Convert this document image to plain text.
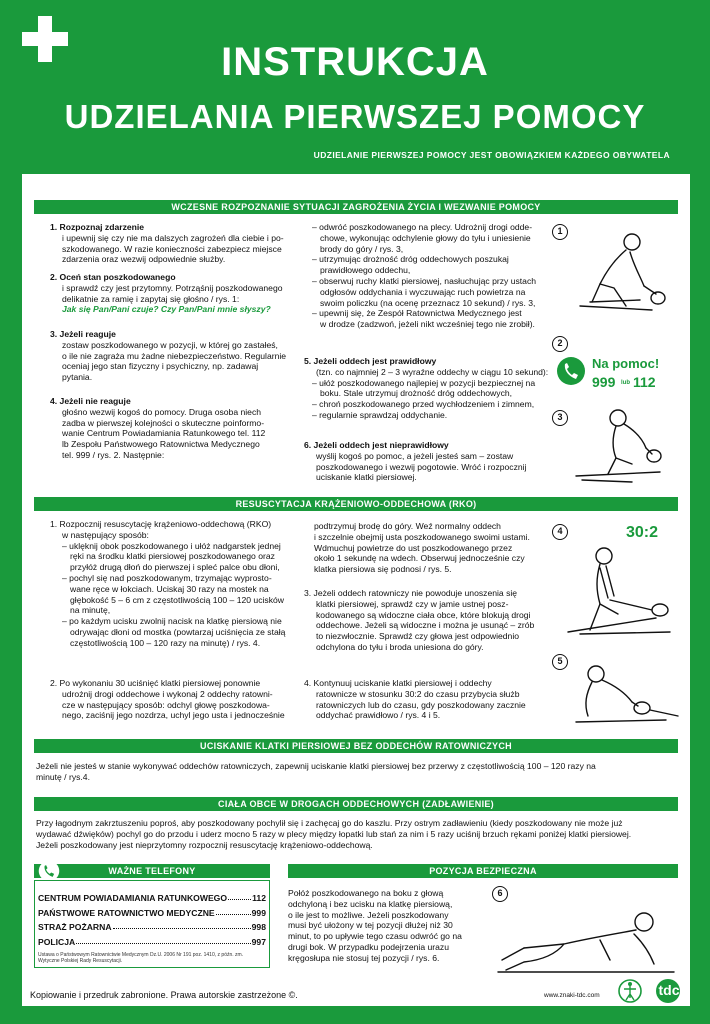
INSTRUKCJA
UDZIELANIA PIERWSZEJ POMOCY
UDZIELANIE PIERWSZEJ POMOCY JEST OBOWIĄZKIEM KAŻDEGO OBYWATELA
WCZESNE ROZPOZNANIE SYTUACJI ZAGROŻENIA ŻYCIA I WEZWANIE POMOCY
1. Rozpoznaj zdarzenie
i upewnij się czy nie ma dalszych zagrożeń dla ciebie i po-
szkodowanego. W razie konieczności zabezpiecz miejsce
zdarzenia oraz wezwij odpowiednie służby.
2. Oceń stan poszkodowanego
i sprawdź czy jest przytomny. Potrząśnij poszkodowanego
delikatnie za ramię i zapytaj się głośno / rys. 1:
Jak się Pan/Pani czuje? Czy Pan/Pani mnie słyszy?
3. Jeżeli reaguje
zostaw poszkodowanego w pozycji, w której go zastałeś,
o ile nie zagraża mu żadne niebezpieczeństwo. Regularnie
oceniaj jego stan fizyczny i psychiczny, np. zadawaj
pytania.
4. Jeżeli nie reaguje
głośno wezwij kogoś do pomocy. Druga osoba niech
zadba w pierwszej kolejności o skuteczne poinformo-
wanie Centrum Powiadamiania Ratunkowego tel. 112
lb Zespołu Państwowego Ratownictwa Medycznego
tel. 999 / rys. 2. Następnie:
– odwróć poszkodowanego na plecy. Udrożnij drogi odde-
chowe, wykonując odchylenie głowy do tyłu i uniesienie
brody do góry / rys. 3,
– utrzymując drożność dróg oddechowych poszukaj
prawidłowego oddechu,
– obserwuj ruchy klatki piersiowej, nasłuchując przy ustach
odgłosów oddychania i wyczuwając ruch powietrza na
swoim policzku (na ocenę przeznacz 10 sekund) / rys. 3,
– upewnij się, że Zespół Ratownictwa Medycznego jest
w drodze (zadzwoń, jeżeli nikt wcześniej tego nie zrobił).
5. Jeżeli oddech jest prawidłowy
(tzn. co najmniej 2 – 3 wyraźne oddechy w ciągu 10 sekund):
– ułóż poszkodowanego najlepiej w pozycji bezpiecznej na
boku. Stale utrzymuj drożność dróg oddechowych,
– chroń poszkodowanego przed wychłodzeniem i zimnem,
– regularnie sprawdzaj oddychanie.
6. Jeżeli oddech jest nieprawidłowy
wyślij kogoś po pomoc, a jeżeli jesteś sam – zostaw
poszkodowanego i wezwij pogotowie. Wróć i rozpocznij
uciskanie klatki piersiowej.
1
2
Na pomoc!
999 lub 112
3
RESUSCYTACJA KRĄŻENIOWO-ODDECHOWA (RKO)
1. Rozpocznij resuscytację krążeniowo-oddechową (RKO)
w następujący sposób:
– uklęknij obok poszkodowanego i ułóż nadgarstek jednej
ręki na środku klatki piersiowej poszkodowanego oraz
przyłóż drugą dłoń do pierwszej i spleć palce obu dłoni,
– pochyl się nad poszkodowanym, trzymając wyprosto-
wane ręce w łokciach. Uciskaj 30 razy na mostek na
głębokość 5 – 6 cm z częstotliwością 100 – 120 ucisków
na minutę,
– po każdym ucisku zwolnij nacisk na klatkę piersiową nie
odrywając dłoni od mostka (powtarzaj uciśnięcia ze stałą
częstotliwością 100 – 120 razy na minutę) / rys. 4.
2. Po wykonaniu 30 uciśnięć klatki piersiowej ponownie
udrożnij drogi oddechowe i wykonaj 2 oddechy ratowni-
cze w następujący sposób: odchyl głowę poszkodowa-
nego, zaciśnij jego nozdrza, uchyl jego usta i jednocześnie
podtrzymuj brodę do góry. Weź normalny oddech
i szczelnie obejmij usta poszkodowanego swoimi ustami.
Wdmuchuj powietrze do ust poszkodowanego przez
około 1 sekundę na wdech. Obserwuj jednocześnie czy
klatka piersiowa się podnosi / rys. 5.
3. Jeżeli oddech ratowniczy nie powoduje unoszenia się
klatki piersiowej, sprawdź czy w jamie ustnej posz-
kodowanego są widoczne ciała obce, które blokują drogi
oddechowe. Jeżeli są widoczne i można je usunąć – zrób
to niezwłocznie. Sprawdź czy głowa jest odpowiednio
odchylona do tyłu i broda uniesiona do góry.
4. Kontynuuj uciskanie klatki piersiowej i oddechy
ratownicze w stosunku 30:2 do czasu przybycia służb
ratowniczych lub do czasu, gdy poszkodowany zacznie
oddychać prawidłowo / rys. 4 i 5.
4	30:2
5
UCISKANIE KLATKI PIERSIOWEJ BEZ ODDECHÓW RATOWNICZYCH
Jeżeli nie jesteś w stanie wykonywać oddechów ratowniczych, zapewnij uciskanie klatki piersiowej bez przerwy z częstotliwością 100 – 120 razy na
minutę / rys.4.
CIAŁA OBCE W DROGACH ODDECHOWYCH (ZADŁAWIENIE)
Przy łagodnym zakrztuszeniu poproś, aby poszkodowany pochylił się i zachęcaj go do kaszlu. Przy ostrym zadławieniu (kiedy poszkodowany nie może już
wydawać dźwięków) pochyl go do przodu i uderz mocno 5 razy w plecy między łopatki lub stań za nim i 5 razy uciśnij brzuch rękami poniżej klatki piersiowej.
Jeżeli poszkodowany jest nieprzytomny rozpocznij resuscytację krążeniowo-oddechową.
WAŻNE TELEFONY
CENTRUM POWIADAMIANIA RATUNKOWEGO	112
PAŃSTWOWE RATOWNICTWO MEDYCZNE	999
STRAŻ POŻARNA	998
POLICJA	997
Ustawa o Państwowym Ratownictwie Medycznym Dz.U. 2006 Nr 191 poz. 1410, z późn. zm.
Wytyczne Polskiej Rady Resuscytacji.
POZYCJA BEZPIECZNA
Połóż poszkodowanego na boku z głową
odchyloną i bez ucisku na klatkę piersiową,
o ile jest to możliwe. Jeżeli poszkodowany
musi być ułożony w tej pozycji dłużej niż 30
minut, to po upływie tego czasu odwróć go na
drugi bok. W przypadku podejrzenia urazu
kręgosłupa nie stosuj tej pozycji / rys. 6.
6
Kopiowanie i przedruk zabronione. Prawa autorskie zastrzeżone ©.	www.znaki-tdc.com	tdc
